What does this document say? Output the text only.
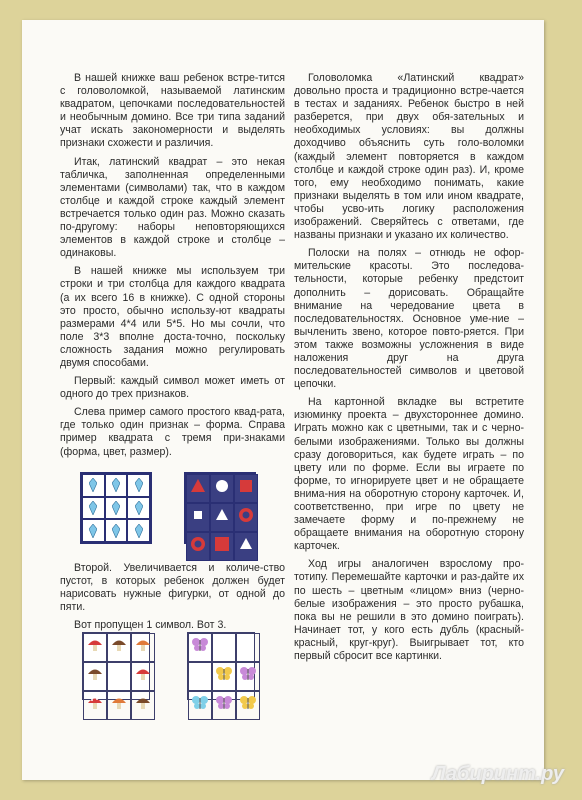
В нашей книжке ваш ребенок встре-тится с головоломкой, называемой латинским квадратом, цепочками последовательностей и необычным домино. Все три типа заданий учат искать закономерности и выделять признаки схожести и различия.

Итак, латинский квадрат – это некая табличка, заполненная определенными элементами (символами) так, что в каждом столбце и каждой строке каждый элемент встречается только один раз. Можно сказать по-другому: наборы неповторяющихся элементов в каждой строке и столбце – одинаковы.

В нашей книжке мы используем три строки и три столбца для каждого квадрата (а их всего 16 в книжке). С одной стороны это просто, обычно использу-ют квадраты размерами 4*4 или 5*5. Но мы сочли, что поле 3*3 вполне доста-точно, поскольку сложность задания можно регулировать двумя способами.

Первый: каждый символ может иметь от одного до трех признаков.

Слева пример самого простого квад-рата, где только один признак – форма. Справа пример квадрата с тремя при-знаками (форма, цвет, размер).

Второй. Увеличивается и количе-ство пустот, в которых ребенок должен будет нарисовать нужные фигурки, от одной до пяти.

Вот пропущен 1 символ. Вот 3.

Головоломка «Латинский квадрат» довольно проста и традиционно встре-чается в тестах и заданиях. Ребенок быстро в ней разберется, при двух обя-зательных и необходимых условиях: вы должны доходчиво объяснить суть голо-воломки (каждый элемент повторяется в каждом столбце и каждой строке один раз). И, кроме того, ему необходимо понимать, какие признаки выделять в том или ином квадрате, чтобы усво-ить логику расположения изображений. Сверяйтесь с ответами, где названы признаки и указано их количество.

Полоски на полях – отнюдь не офор-мительские красоты. Это последова-тельности, которые ребенку предстоит дополнить – дорисовать. Обращайте внимание на чередование цвета в последовательностях. Основное уме-ние – вычленить звено, которое повто-ряется. При этом также возможны усложнения в виде наложения друг на друга последовательностей символов и цветовой цепочки.

На картонной вкладке вы встретите изюминку проекта – двухстороннее домино. Играть можно как с цветными, так и с черно-белыми изображениями. Только вы должны сразу договориться, как будете играть – по цвету или по форме. Если вы играете по форме, то игнорируете цвет и не обращаете внима-ния на оборотную сторону карточек. И, соответственно, при игре по цвету не замечаете форму и по-прежнему не обращаете внимания на оборотную сторону карточек.

Ход игры аналогичен взрослому про-тотипу. Перемешайте карточки и раз-дайте их по шесть – цветным «лицом» вниз (черно-белые изображения – это просто рубашка, пока вы не решили в это домино поиграть). Начинает тот, у кого есть дубль (красный-красный, круг-круг). Выигрывает тот, кто первый сбросит все картинки.

Лабиринт.ру
